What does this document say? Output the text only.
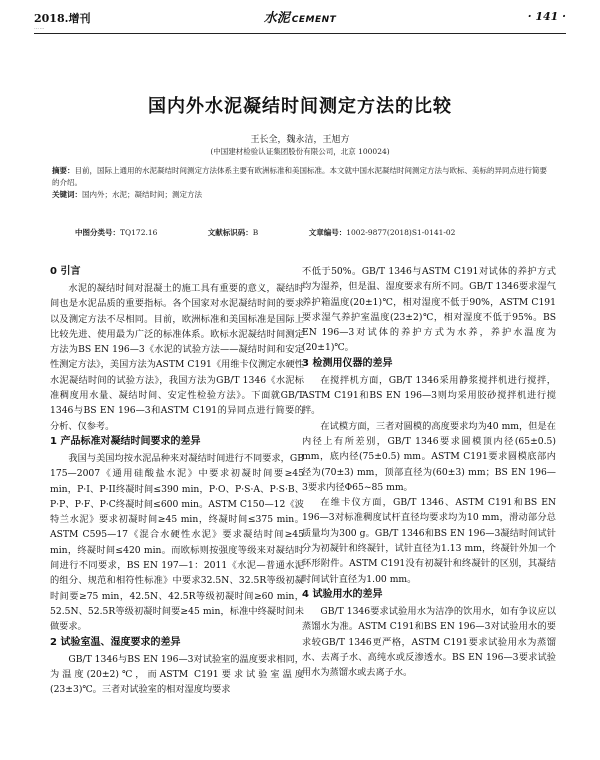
2018.增刊
……
水泥 CEMENT	· 141 ·
国内外水泥凝结时间测定方法的比较
王长全，魏永洁，王旭方
(中国建材检验认证集团股份有限公司，北京 100024)

摘要：目前，国际上通用的水泥凝结时间测定方法体系主要有欧洲标准和美国标准。本文就中国水泥凝结时间测定方法与欧标、美标的异同点进行简要的介绍。

关键词：国内外；水泥；凝结时间；测定方法

中图分类号：TQ172.16	文献标识码：B	文章编号：1002-9877(2018)S1-0141-02
0 引言

水泥的凝结时间对混凝土的施工具有重要的意义，凝结时间也是水泥品质的重要指标。各个国家对水泥凝结时间的要求以及测定方法不尽相同。目前，欧洲标准和美国标准是国际上比较先进、使用最为广泛的标准体系。欧标水泥凝结时间测定方法为BS EN 196—3《水泥的试验方法——凝结时间和安定性测定方法》，美国方法为ASTM C191《用维卡仪测定水硬性水泥凝结时间的试验方法》，我国方法为GB/T 1346《水泥标准稠度用水量、凝结时间、安定性检验方法》。下面就GB/T 1346与BS EN 196—3和ASTM C191的异同点进行简要的分析、仅参考。

1 产品标准对凝结时间要求的差异

我国与美国均按水泥品种来对凝结时间进行不同要求，GB 175—2007《通用硅酸盐水泥》中要求初凝时间要≥45 min，P·I、P·II终凝时间≤390 min，P·O、P·S·A、P·S·B、P·P、P·F、P·C终凝时间≤600 min。ASTM C150—12《波特兰水泥》要求初凝时间≥45 min，终凝时间≤375 min。ASTM C595—17《混合水硬性水泥》要求凝结时间≥45 min，终凝时间≤420 min。而欧标则按强度等级来对凝结时间进行不同要求，BS EN 197—1：2011《水泥—普通水泥的组分、规范和相符性标准》中要求32.5N、32.5R等级初凝时间要≥75 min，42.5N、42.5R等级初凝时间≥60 min，52.5N、52.5R等级初凝时间要≥45 min，标准中终凝时间未做要求。

2 试验室温、湿度要求的差异

GB/T 1346与BS EN 196—3对试验室的温度要求相同，为温度(20±2)℃，而ASTM C191要求试验室温度(23±3)℃。三者对试验室的相对湿度均要求

不低于50%。GB/T 1346与ASTM C191对试体的养护方式均为湿养，但是温、湿度要求有所不同。GB/T 1346要求湿气养护箱温度(20±1)℃，相对湿度不低于90%，ASTM C191要求湿气养护室温度(23±2)℃，相对湿度不低于95%。BS EN 196—3对试体的养护方式为水养，养护水温度为(20±1)℃。

3 检测用仪器的差异

在搅拌机方面，GB/T 1346采用静浆搅拌机进行搅拌，ASTM C191和BS EN 196—3则均采用胶砂搅拌机进行搅拌。

在试模方面，三者对圆模的高度要求均为40 mm，但是在内径上有所差别，GB/T 1346要求圆模顶内径(65±0.5) mm，底内径(75±0.5) mm。ASTM C191要求圆模底部内径为(70±3) mm，顶部直径为(60±3) mm；BS EN 196—3要求内径Φ65~85 mm。

在维卡仪方面，GB/T 1346、ASTM C191和BS EN 196—3对标准稠度试杆直径均要求均为10 mm，滑动部分总质量均为300 g。GB/T 1346和BS EN 196—3凝结时间试针分为初凝针和终凝针，试针直径为1.13 mm，终凝针外加一个环形附件。ASTM C191没有初凝针和终凝针的区别，其凝结时间试针直径为1.00 mm。

4 试验用水的差异

GB/T 1346要求试验用水为洁净的饮用水，如有争议应以蒸馏水为准。ASTM C191和BS EN 196—3对试验用水的要求较GB/T 1346更严格，ASTM C191要求试验用水为蒸馏水、去离子水、高纯水或反渗透水。BS EN 196—3要求试验用水为蒸馏水或去离子水。
